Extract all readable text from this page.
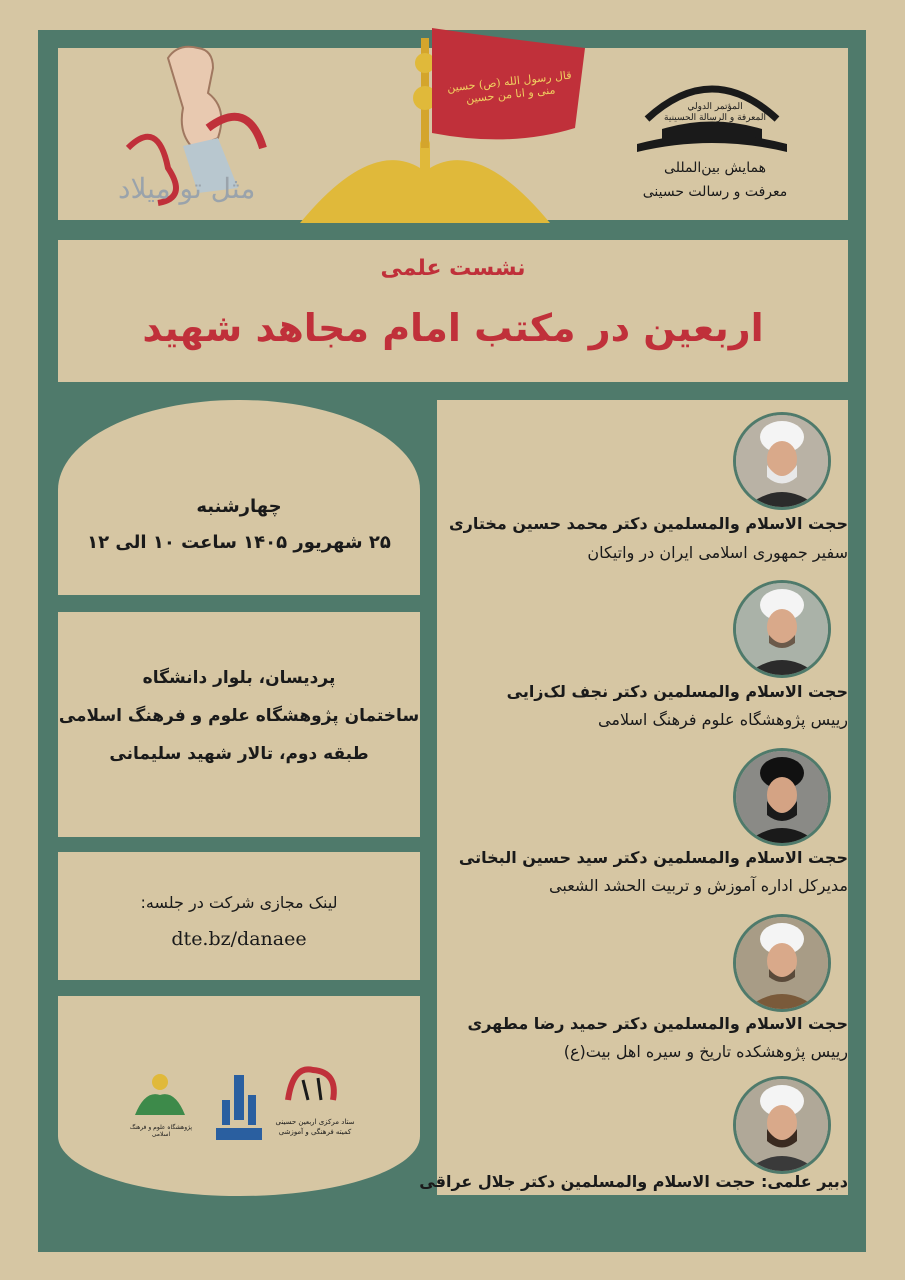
مثل تو میلاد
قال رسول الله (ص) حسین منی و انا من حسین
المؤتمر الدولي
المعرفة و الرسالة الحسينية
همایش بین‌المللی
معرفت و رسالت حسینی
نشست علمی
اربعین در مکتب امام مجاهد شهید
چهارشنبه
۲۵ شهریور ۱۴۰۵ ساعت ۱۰ الی ۱۲
پردیسان، بلوار دانشگاه
ساختمان پژوهشگاه علوم و فرهنگ اسلامی
طبقه دوم، تالار شهید سلیمانی
لینک مجازی شرکت در جلسه:
dte.bz/danaee
ستاد مرکزی اربعین حسینی
کمیته فرهنگی و آموزشی
پژوهشگاه علوم و فرهنگ اسلامی
حجت الاسلام والمسلمین دکتر محمد حسین مختاری
سفیر جمهوری اسلامی ایران در واتیکان
حجت الاسلام والمسلمین دکتر نجف لک‌زایی
رییس پژوهشگاه علوم فرهنگ اسلامی
حجت الاسلام والمسلمین دکتر سید حسین البخاتی
مدیرکل اداره آموزش و تربیت الحشد الشعبی
حجت الاسلام والمسلمین دکتر حمید رضا مطهری
رییس پژوهشکده تاریخ و سیره اهل بیت(ع)
دبیر علمی: حجت الاسلام والمسلمین دکتر جلال عراقی
